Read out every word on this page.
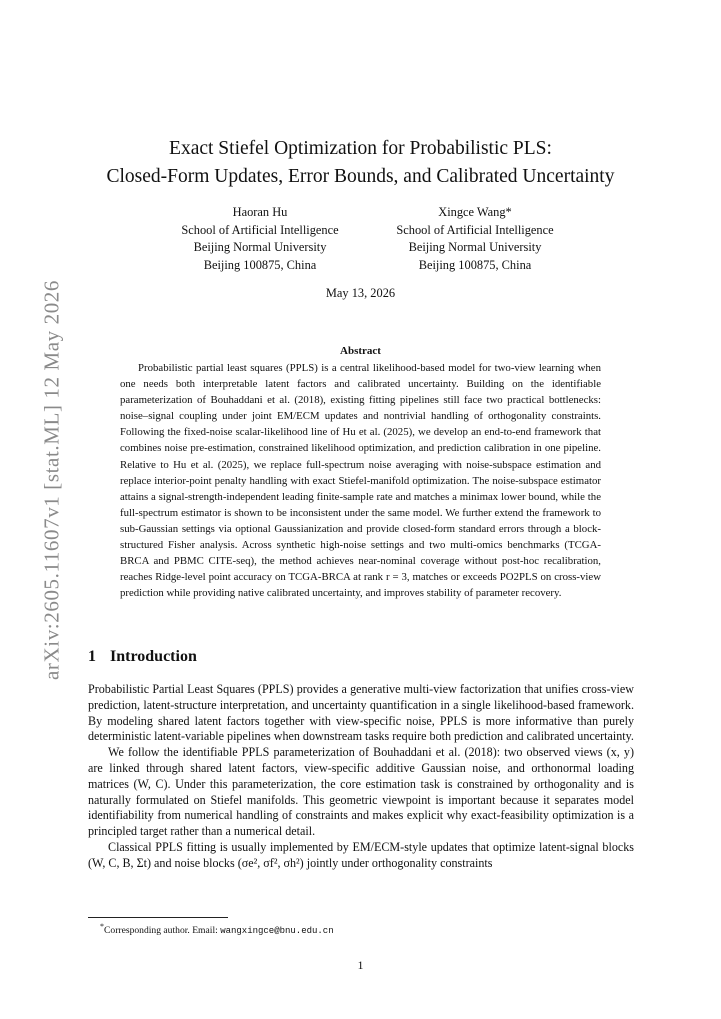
arXiv:2605.11607v1 [stat.ML] 12 May 2026
Exact Stiefel Optimization for Probabilistic PLS:
Closed-Form Updates, Error Bounds, and Calibrated Uncertainty
Haoran Hu
School of Artificial Intelligence
Beijing Normal University
Beijing 100875, China
Xingce Wang*
School of Artificial Intelligence
Beijing Normal University
Beijing 100875, China
May 13, 2026
Abstract

Probabilistic partial least squares (PPLS) is a central likelihood-based model for two-view learning when one needs both interpretable latent factors and calibrated uncertainty. Building on the identifiable parameterization of Bouhaddani et al. (2018), existing fitting pipelines still face two practical bottlenecks: noise–signal coupling under joint EM/ECM updates and nontrivial handling of orthogonality constraints. Following the fixed-noise scalar-likelihood line of Hu et al. (2025), we develop an end-to-end framework that combines noise pre-estimation, constrained likelihood optimization, and prediction calibration in one pipeline. Relative to Hu et al. (2025), we replace full-spectrum noise averaging with noise-subspace estimation and replace interior-point penalty handling with exact Stiefel-manifold optimization. The noise-subspace estimator attains a signal-strength-independent leading finite-sample rate and matches a minimax lower bound, while the full-spectrum estimator is shown to be inconsistent under the same model. We further extend the framework to sub-Gaussian settings via optional Gaussianization and provide closed-form standard errors through a block-structured Fisher analysis. Across synthetic high-noise settings and two multi-omics benchmarks (TCGA-BRCA and PBMC CITE-seq), the method achieves near-nominal coverage without post-hoc recalibration, reaches Ridge-level point accuracy on TCGA-BRCA at rank r = 3, matches or exceeds PO2PLS on cross-view prediction while providing native calibrated uncertainty, and improves stability of parameter recovery.

1 Introduction

Probabilistic Partial Least Squares (PPLS) provides a generative multi-view factorization that unifies cross-view prediction, latent-structure interpretation, and uncertainty quantification in a single likelihood-based framework. By modeling shared latent factors together with view-specific noise, PPLS is more informative than purely deterministic latent-variable pipelines when downstream tasks require both prediction and calibrated uncertainty.

We follow the identifiable PPLS parameterization of Bouhaddani et al. (2018): two observed views (x, y) are linked through shared latent factors, view-specific additive Gaussian noise, and orthonormal loading matrices (W, C). Under this parameterization, the core estimation task is constrained by orthogonality and is naturally formulated on Stiefel manifolds. This geometric viewpoint is important because it separates model identifiability from numerical handling of constraints and makes explicit why exact-feasibility optimization is a principled target rather than a numerical detail.

Classical PPLS fitting is usually implemented by EM/ECM-style updates that optimize latent-signal blocks (W, C, B, Σt) and noise blocks (σe², σf², σh²) jointly under orthogonality constraints

*Corresponding author. Email: wangxingce@bnu.edu.cn
1
